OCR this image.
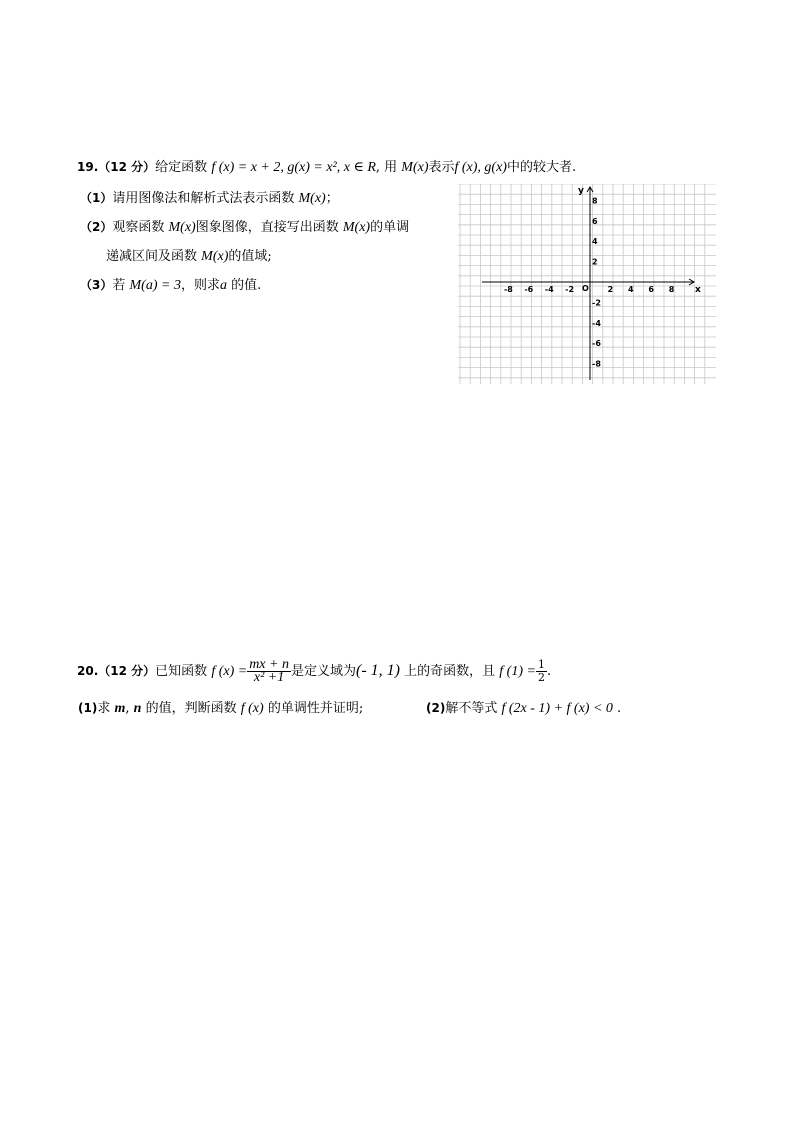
19.（12 分）给定函数 f (x) = x + 2, g(x) = x², x ∈ R, 用 M(x)表示f (x), g(x)中的较大者.
（1）请用图像法和解析式法表示函数 M(x)；
（2）观察函数 M(x)图象图像，直接写出函数 M(x)的单调
递减区间及函数 M(x)的值域;
（3）若 M(a) = 3，则求a 的值.	x
y
O
-8 -6 -4 -2	2 4 6 8
8
6
4
2
-2
-4
-6
-8
20.（12 分）已知函数 f $(x) = \frac{mx + n}{\text{x² +1}}$ 是定义域为(- 1, 1) 上的奇函数，且 f $(1) = \frac{1}{2}$ .
(1)求 m, n 的值，判断函数 f (x) 的单调性并证明;	(2)解不等式 f (2x - 1) + f (x) < 0 .
